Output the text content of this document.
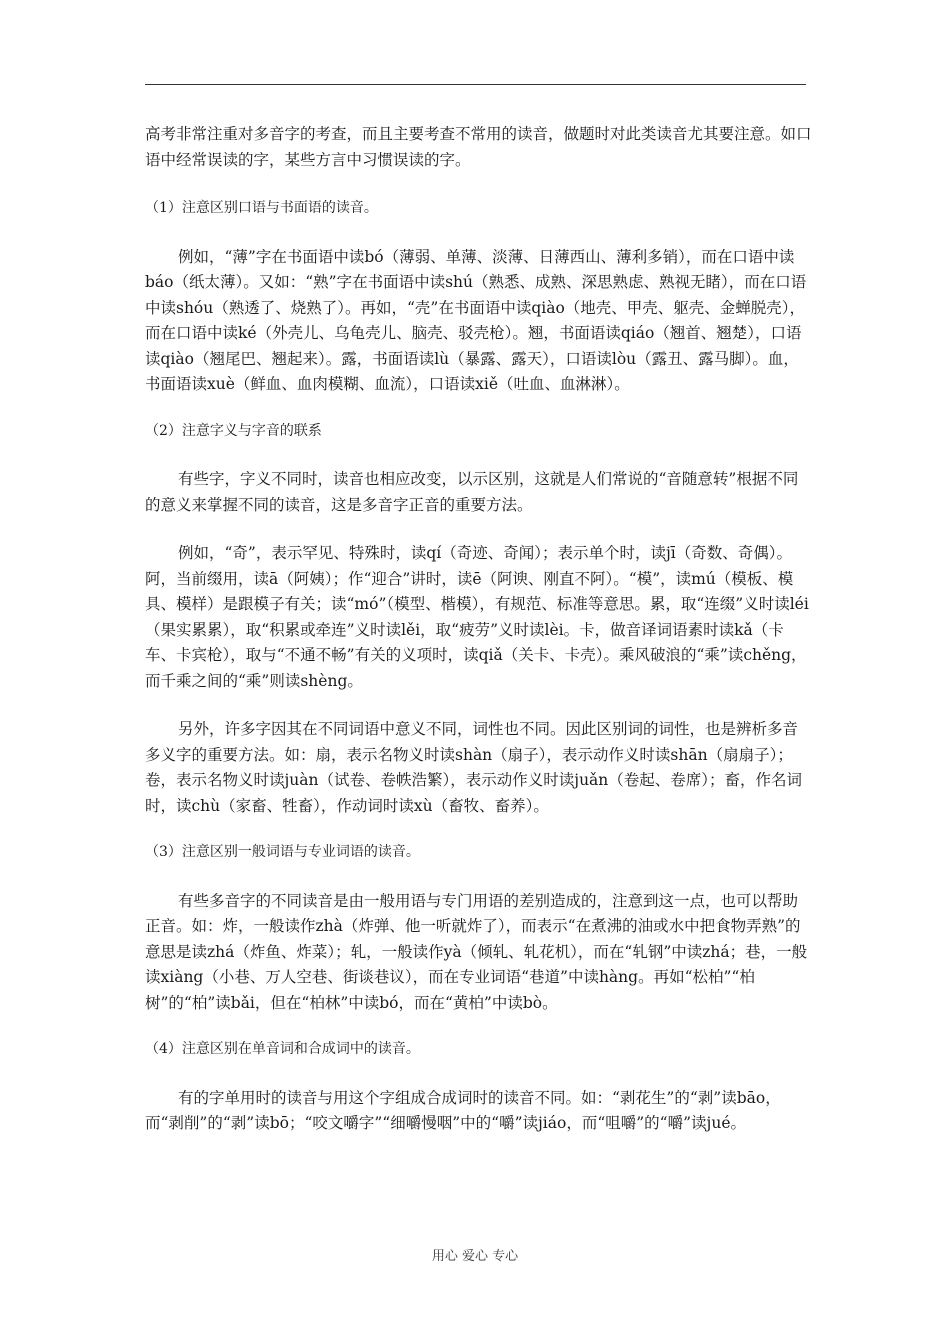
高考非常注重对多音字的考查，而且主要考查不常用的读音，做题时对此类读音尤其要注意。如口语中经常误读的字，某些方言中习惯误读的字。

（1）注意区别口语与书面语的读音。

例如，“薄”字在书面语中读bó（薄弱、单薄、淡薄、日薄西山、薄利多销），而在口语中读báo（纸太薄）。又如：“熟”字在书面语中读shú（熟悉、成熟、深思熟虑、熟视无睹），而在口语中读shóu（熟透了、烧熟了）。再如，“壳”在书面语中读qiào（地壳、甲壳、躯壳、金蝉脱壳），而在口语中读ké（外壳儿、乌龟壳儿、脑壳、驳壳枪）。翘，书面语读qiáo（翘首、翘楚），口语读qiào（翘尾巴、翘起来）。露，书面语读lù（暴露、露天），口语读lòu（露丑、露马脚）。血，书面语读xuè（鲜血、血肉模糊、血流），口语读xiě（吐血、血淋淋）。

（2）注意字义与字音的联系

有些字，字义不同时，读音也相应改变，以示区别，这就是人们常说的“音随意转”根据不同的意义来掌握不同的读音，这是多音字正音的重要方法。

例如，“奇”，表示罕见、特殊时，读qí（奇迹、奇闻）；表示单个时，读jī（奇数、奇偶）。阿，当前缀用，读ā（阿姨）；作“迎合”讲时，读ē（阿谀、刚直不阿）。“模”，读mú（模板、模具、模样）是跟模子有关；读“mó”（模型、楷模），有规范、标准等意思。累，取“连缀”义时读léi（果实累累），取“积累或牵连”义时读lěi，取“疲劳”义时读lèi。卡，做音译词语素时读kǎ（卡车、卡宾枪），取与“不通不畅”有关的义项时，读qiǎ（关卡、卡壳）。乘风破浪的“乘”读chěng，而千乘之间的“乘”则读shèng。

另外，许多字因其在不同词语中意义不同，词性也不同。因此区别词的词性，也是辨析多音多义字的重要方法。如：扇，表示名物义时读shàn（扇子），表示动作义时读shān（扇扇子）；卷，表示名物义时读juàn（试卷、卷帙浩繁），表示动作义时读juǎn（卷起、卷席）；畜，作名词时，读chù（家畜、牲畜），作动词时读xù（畜牧、畜养）。

（3）注意区别一般词语与专业词语的读音。

有些多音字的不同读音是由一般用语与专门用语的差别造成的，注意到这一点，也可以帮助正音。如：炸，一般读作zhà（炸弹、他一听就炸了），而表示“在煮沸的油或水中把食物弄熟”的意思是读zhá（炸鱼、炸菜）；轧，一般读作yà（倾轧、轧花机），而在“轧钢”中读zhá；巷，一般读xiàng（小巷、万人空巷、街谈巷议），而在专业词语“巷道”中读hàng。再如“松柏”“柏树”的“柏”读bǎi，但在“柏林”中读bó，而在“黄柏”中读bò。

（4）注意区别在单音词和合成词中的读音。

有的字单用时的读音与用这个字组成合成词时的读音不同。如：“剥花生”的“剥”读bāo，而“剥削”的“剥”读bō；“咬文嚼字”“细嚼慢咽”中的“嚼”读jiáo，而“咀嚼”的“嚼”读jué。

用心 爱心 专心
